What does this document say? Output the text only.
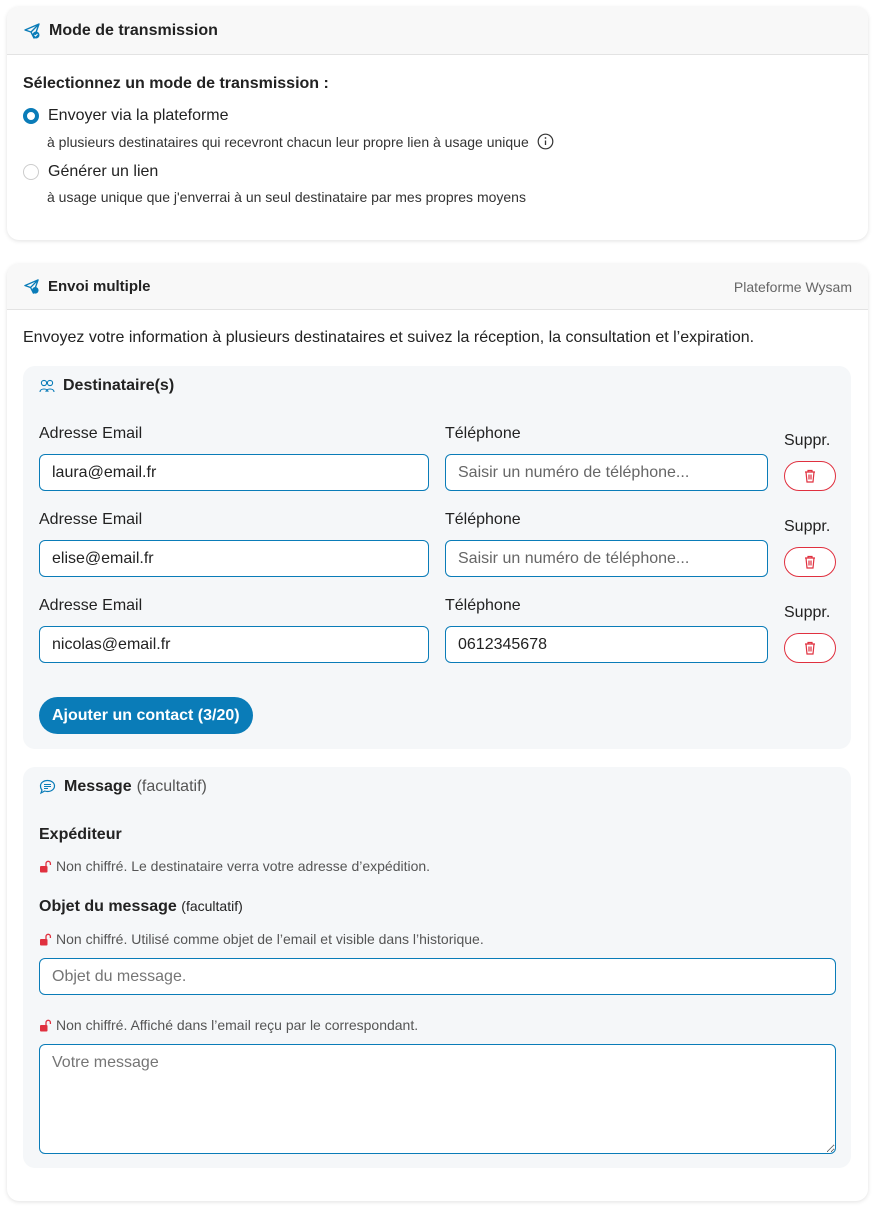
Mode de transmission
Sélectionnez un mode de transmission :
Envoyer via la plateforme
à plusieurs destinataires qui recevront chacun leur propre lien à usage unique
Générer un lien
à usage unique que j'enverrai à un seul destinataire par mes propres moyens
Envoi multiple	Plateforme Wysam
Envoyez votre information à plusieurs destinataires et suivez la réception, la consultation et l’expiration.
Destinataire(s)
Adresse Email	Téléphone	Suppr.
laura@email.fr	Saisir un numéro de téléphone...
Adresse Email	Téléphone	Suppr.
elise@email.fr	Saisir un numéro de téléphone...
Adresse Email	Téléphone	Suppr.
nicolas@email.fr	0612345678
Ajouter un contact (3/20)
Message (facultatif)
Expéditeur
Non chiffré. Le destinataire verra votre adresse d’expédition.
Objet du message (facultatif)
Non chiffré. Utilisé comme objet de l’email et visible dans l’historique.
Objet du message.
Non chiffré. Affiché dans l’email reçu par le correspondant.
Votre message
